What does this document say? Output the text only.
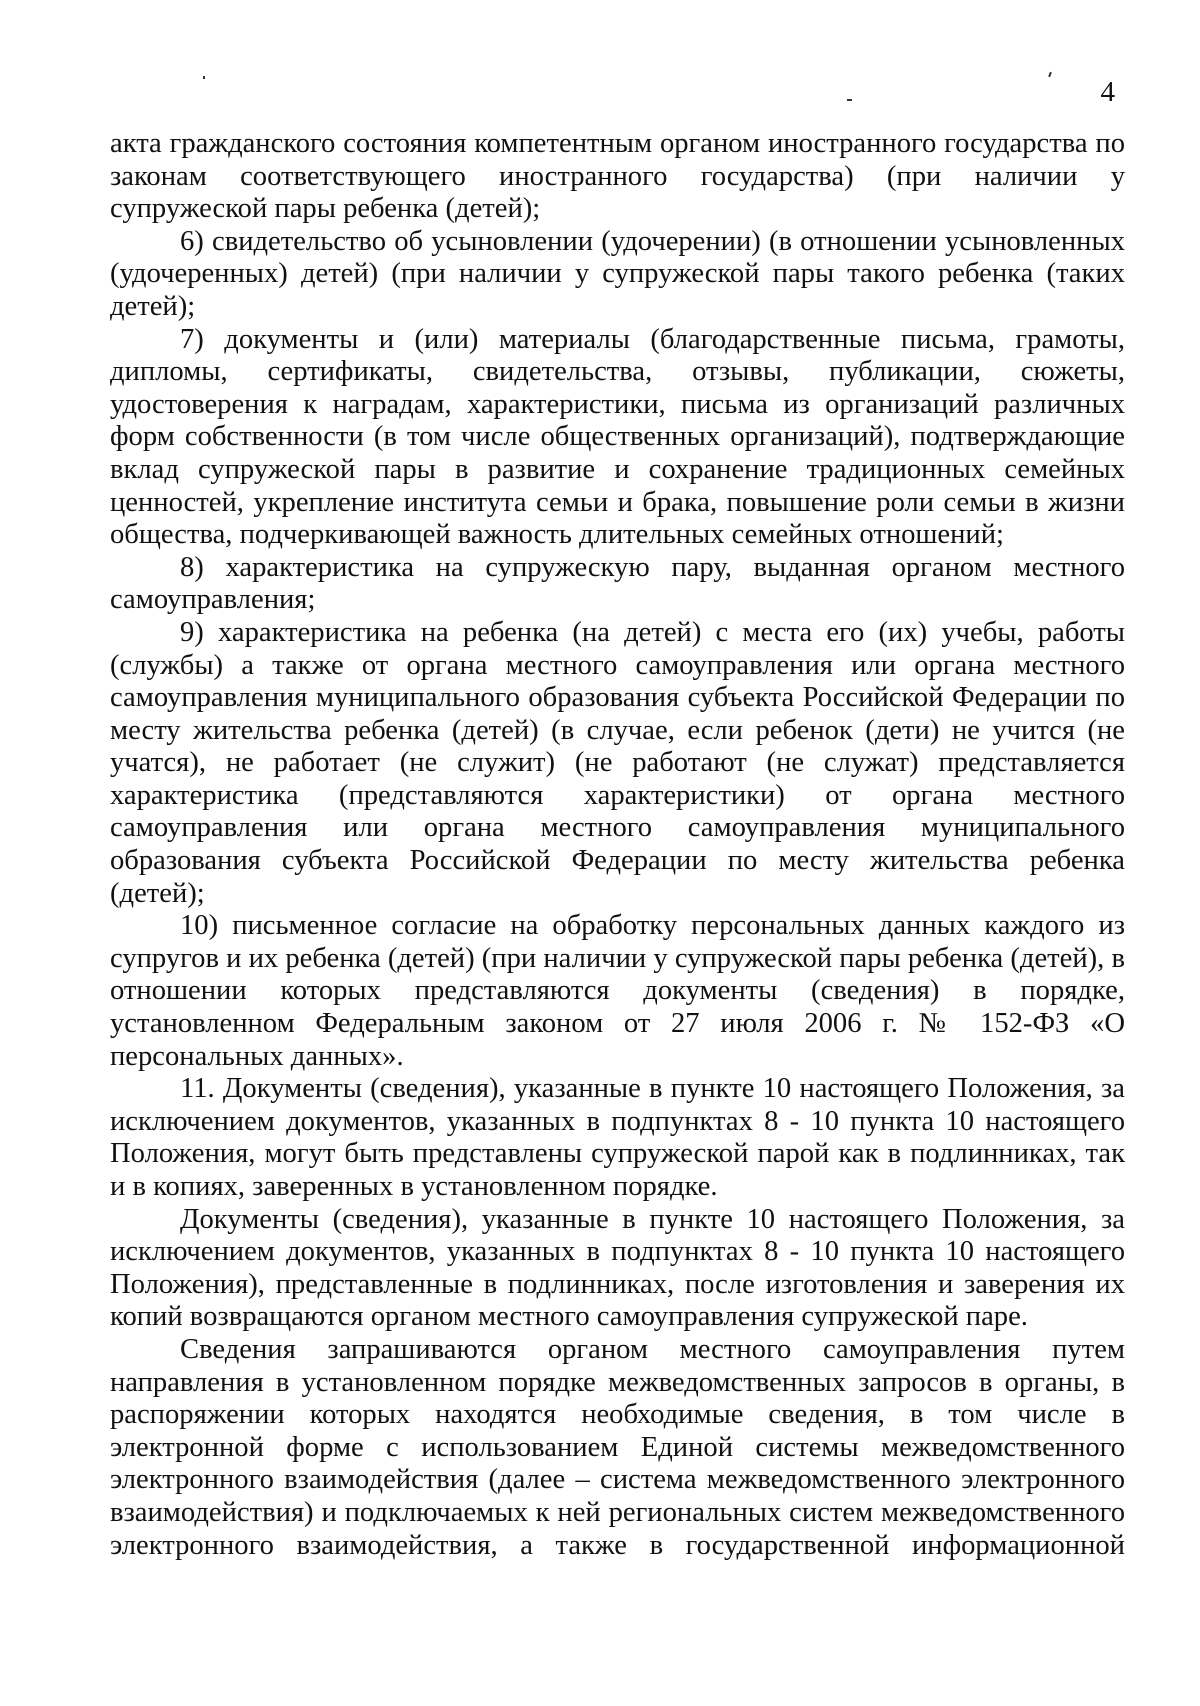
4

акта гражданского состояния компетентным органом иностранного государства по законам соответствующего иностранного государства) (при наличии у супружеской пары ребенка (детей);

6) свидетельство об усыновлении (удочерении) (в отношении усыновленных (удочеренных) детей) (при наличии у супружеской пары такого ребенка (таких детей);

7) документы и (или) материалы (благодарственные письма, грамоты, дипломы, сертификаты, свидетельства, отзывы, публикации, сюжеты, удостоверения к наградам, характеристики, письма из организаций различных форм собственности (в том числе общественных организаций), подтверждающие вклад супружеской пары в развитие и сохранение традиционных семейных ценностей, укрепление института семьи и брака, повышение роли семьи в жизни общества, подчеркивающей важность длительных семейных отношений;

8) характеристика на супружескую пару, выданная органом местного самоуправления;

9) характеристика на ребенка (на детей) с места его (их) учебы, работы (службы) а также от органа местного самоуправления или органа местного самоуправления муниципального образования субъекта Российской Федерации по месту жительства ребенка (детей) (в случае, если ребенок (дети) не учится (не учатся), не работает (не служит) (не работают (не служат) представляется характеристика (представляются характеристики) от органа местного самоуправления или органа местного самоуправления муниципального образования субъекта Российской Федерации по месту жительства ребенка (детей);

10) письменное согласие на обработку персональных данных каждого из супругов и их ребенка (детей) (при наличии у супружеской пары ребенка (детей), в отношении которых представляются документы (сведения) в порядке, установленном Федеральным законом от 27 июля 2006 г. № 152-ФЗ «О персональных данных».

11. Документы (сведения), указанные в пункте 10 настоящего Положения, за исключением документов, указанных в подпунктах 8 - 10 пункта 10 настоящего Положения, могут быть представлены супружеской парой как в подлинниках, так и в копиях, заверенных в установленном порядке.

Документы (сведения), указанные в пункте 10 настоящего Положения, за исключением документов, указанных в подпунктах 8 - 10 пункта 10 настоящего Положения), представленные в подлинниках, после изготовления и заверения их копий возвращаются органом местного самоуправления супружеской паре.

Сведения запрашиваются органом местного самоуправления путем направления в установленном порядке межведомственных запросов в органы, в распоряжении которых находятся необходимые сведения, в том числе в электронной форме с использованием Единой системы межведомственного электронного взаимодействия (далее – система межведомственного электронного взаимодействия) и подключаемых к ней региональных систем межведомственного электронного взаимодействия, а также в государственной информационной
